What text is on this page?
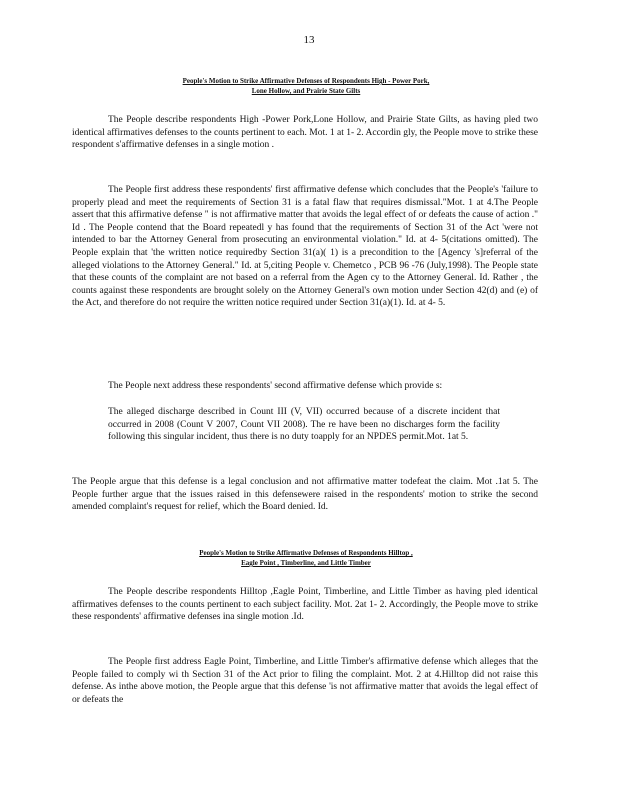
13
People's Motion to Strike Affirmative Defenses of Respondents High - Power Pork,
Lone Hollow, and Prairie State Gilts
The People describe respondents High -Power Pork,Lone Hollow, and Prairie State Gilts, as having pled two identical affirmatives defenses to the counts pertinent to each. Mot. 1 at 1- 2. Accordin gly, the People move to strike these respondent s'affirmative defenses in a single motion .
The People first address these respondents' first affirmative defense which concludes that the People's 'failure to properly plead and meet the requirements of Section 31 is a fatal flaw that requires dismissal."Mot. 1 at 4.The People assert that this affirmative defense " is not affirmative matter that avoids the legal effect of or defeats the cause of action ." Id . The People contend that the Board repeatedl y has found that the requirements of Section 31 of the Act 'were not intended to bar the Attorney General from prosecuting an environmental violation." Id. at 4- 5(citations omitted). The People explain that 'the written notice requiredby Section 31(a)( 1) is a precondition to the [Agency 's]referral of the alleged violations to the Attorney General." Id. at 5,citing People v. Chemetco , PCB 96 -76 (July,1998). The People state that these counts of the complaint are not based on a referral from the Agen cy to the Attorney General. Id. Rather , the counts against these respondents are brought solely on the Attorney General's own motion under Section 42(d) and (e) of the Act, and therefore do not require the written notice required under Section 31(a)(1). Id. at 4- 5.
The People next address these respondents' second affirmative defense which provide s:
The alleged discharge described in Count III (V, VII) occurred because of a discrete incident that occurred in 2008 (Count V 2007, Count VII 2008). The re have been no discharges form the facility following this singular incident, thus there is no duty toapply for an NPDES permit.Mot. 1at 5.
The People argue that this defense is a legal conclusion and not affirmative matter todefeat the claim. Mot .1at 5. The People further argue that the issues raised in this defensewere raised in the respondents' motion to strike the second amended complaint's request for relief, which the Board denied. Id.
People's Motion to Strike Affirmative Defenses of Respondents Hilltop ,
Eagle Point , Timberline, and Little Timber
The People describe respondents Hilltop ,Eagle Point, Timberline, and Little Timber as having pled identical affirmatives defenses to the counts pertinent to each subject facility. Mot. 2at 1- 2. Accordingly, the People move to strike these respondents' affirmative defenses ina single motion .Id.
The People first address Eagle Point, Timberline, and Little Timber's affirmative defense which alleges that the People failed to comply wi th Section 31 of the Act prior to filing the complaint. Mot. 2 at 4.Hilltop did not raise this defense. As inthe above motion, the People argue that this defense 'is not affirmative matter that avoids the legal effect of or defeats the
